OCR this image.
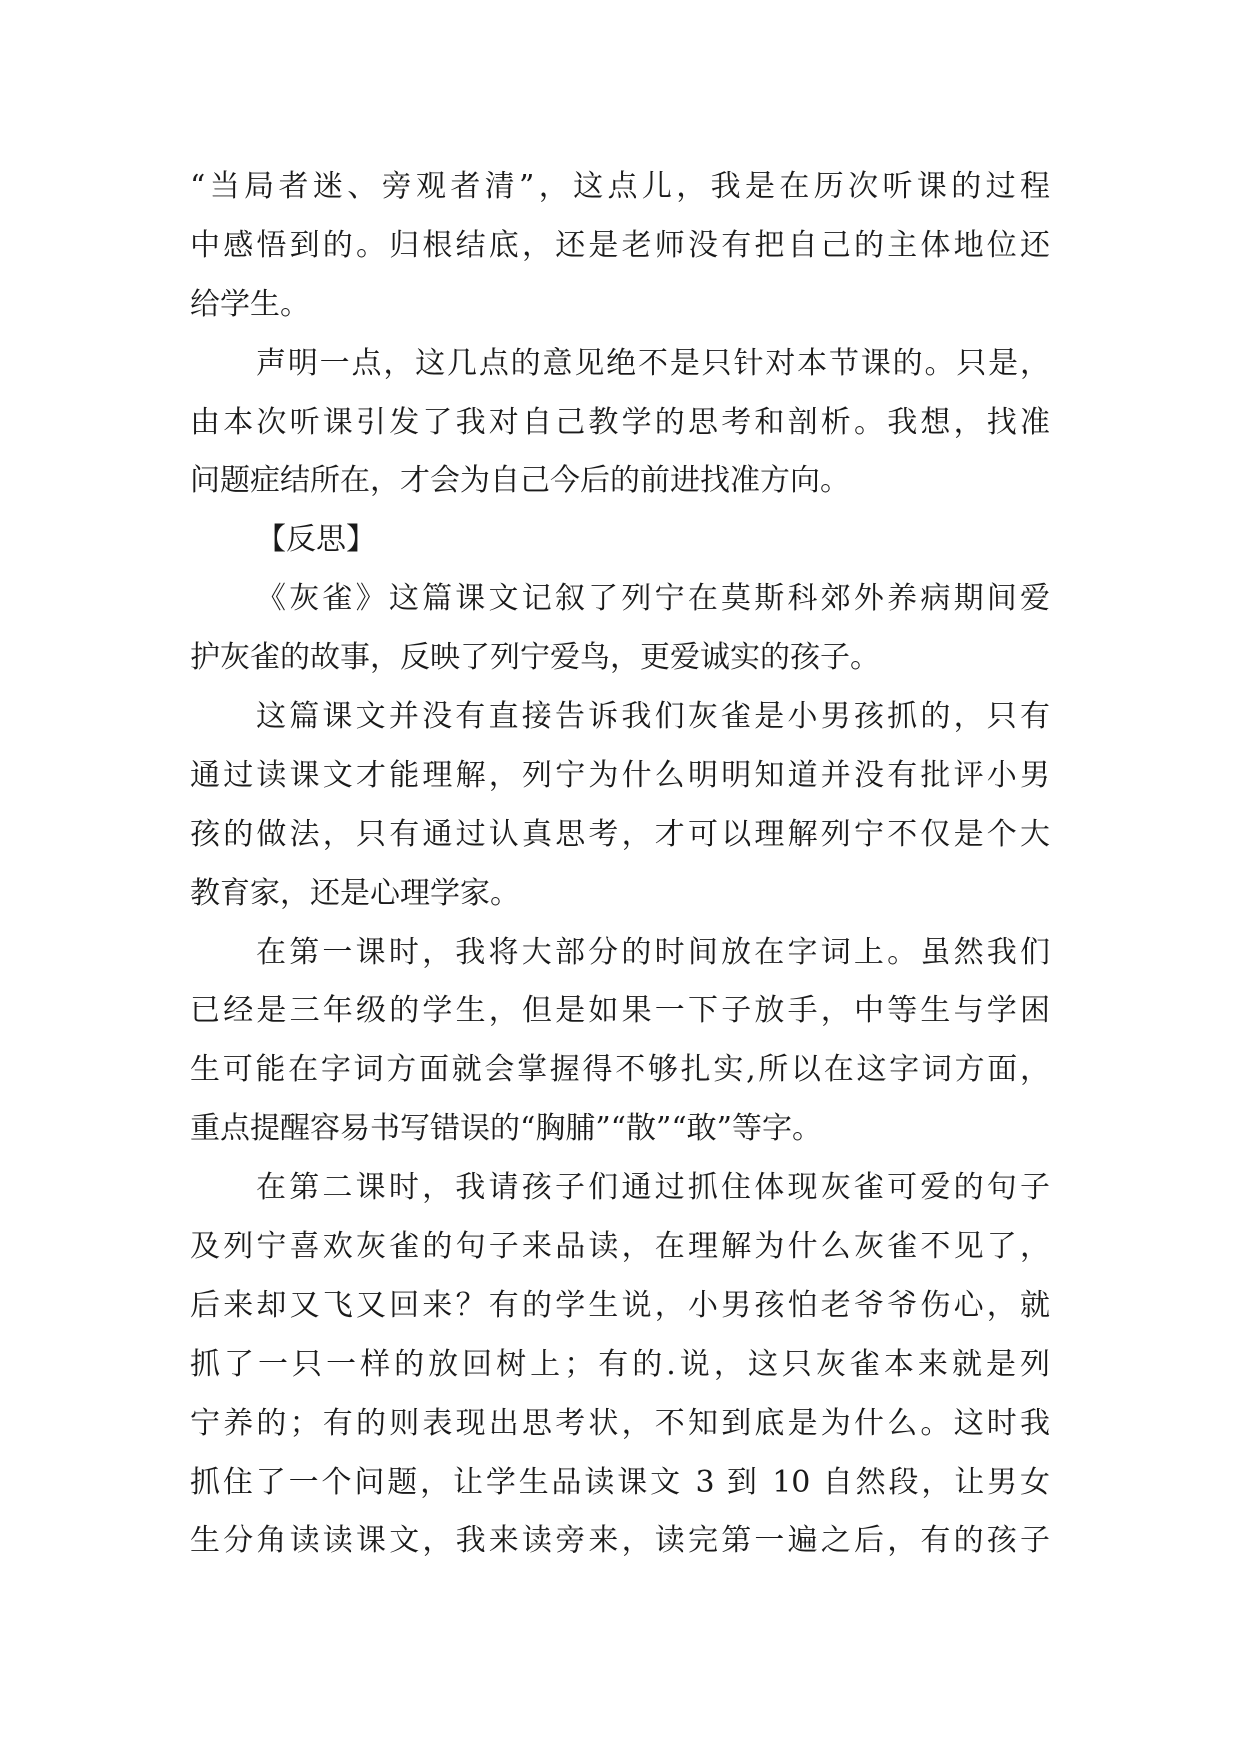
“当局者迷、旁观者清”，这点儿，我是在历次听课的过程
中感悟到的。归根结底，还是老师没有把自己的主体地位还
给学生。
声明一点，这几点的意见绝不是只针对本节课的。只是，
由本次听课引发了我对自己教学的思考和剖析。我想，找准
问题症结所在，才会为自己今后的前进找准方向。
【反思】
《灰雀》这篇课文记叙了列宁在莫斯科郊外养病期间爱
护灰雀的故事，反映了列宁爱鸟，更爱诚实的孩子。
这篇课文并没有直接告诉我们灰雀是小男孩抓的，只有
通过读课文才能理解，列宁为什么明明知道并没有批评小男
孩的做法，只有通过认真思考，才可以理解列宁不仅是个大
教育家，还是心理学家。
在第一课时，我将大部分的时间放在字词上。虽然我们
已经是三年级的学生，但是如果一下子放手，中等生与学困
生可能在字词方面就会掌握得不够扎实,所以在这字词方面，
重点提醒容易书写错误的“胸脯”“散”“敢”等字。
在第二课时，我请孩子们通过抓住体现灰雀可爱的句子
及列宁喜欢灰雀的句子来品读，在理解为什么灰雀不见了，
后来却又飞又回来？有的学生说，小男孩怕老爷爷伤心，就
抓了一只一样的放回树上；有的.说，这只灰雀本来就是列
宁养的；有的则表现出思考状，不知到底是为什么。这时我
抓住了一个问题，让学生品读课文 3 到 10 自然段，让男女
生分角读读课文，我来读旁来，读完第一遍之后，有的孩子
